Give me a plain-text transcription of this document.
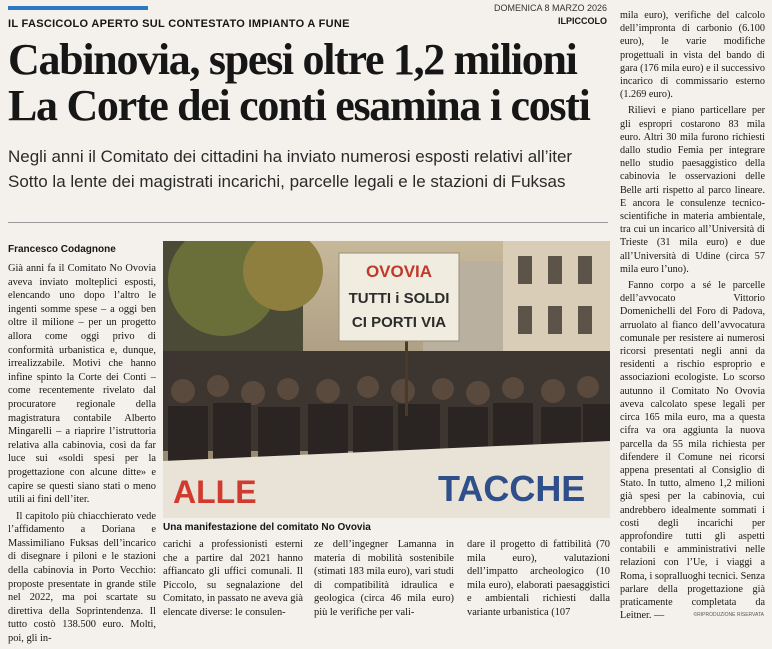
IL FASCICOLO APERTO SUL CONTESTATO IMPIANTO A FUNE
DOMENICA 8 MARZO 2026
ILPICCOLO
Cabinovia, spesi oltre 1,2 milioni
La Corte dei conti esamina i costi
Negli anni il Comitato dei cittadini ha inviato numerosi esposti relativi all’iter
Sotto la lente dei magistrati incarichi, parcelle legali e le stazioni di Fuksas
Francesco Codagnone

Già anni fa il Comitato No Ovovia aveva inviato molteplici esposti, elencando uno dopo l’altro le ingenti somme spese – a oggi ben oltre il milione – per un progetto allora come oggi privo di conformità urbanistica e, dunque, irrealizzabile. Motivi che hanno infine spinto la Corte dei Conti – come recentemente rivelato dal procuratore regionale della magistratura contabile Alberto Mingarelli – a riaprire l’istruttoria relativa alla cabinovia, così da far luce sui «soldi spesi per la progettazione con alcune ditte» e capire se questi siano stati o meno utili ai fini dell’iter.

Il capitolo più chiacchierato vede l’affidamento a Doriana e Massimiliano Fuksas dell’incarico di disegnare i piloni e le stazioni della cabinovia in Porto Vecchio: proposte presentate in grande stile nel 2022, ma poi scartate su direttiva della Soprintendenza. Il tutto costò 138.500 euro. Molti, poi, gli in-

OVOVIA
TUTTI i SOLDI
CI PORTI VIA
ALLE	TACCHE
Una manifestazione del comitato No Ovovia

carichi a professionisti esterni che a partire dal 2021 hanno affiancato gli uffici comunali. Il Piccolo, su segnalazione del Comitato, in passato ne aveva già elencate diverse: le consulen-

ze dell’ingegner Lamanna in materia di mobilità sostenibile (stimati 183 mila euro), vari studi di compatibilità idraulica e geologica (circa 46 mila euro) più le verifiche per vali-

dare il progetto di fattibilità (70 mila euro), valutazioni dell’impatto archeologico (10 mila euro), elaborati paesaggistici e ambientali richiesti dalla variante urbanistica (107

mila euro), verifiche del calcolo dell’impronta di carbonio (6.100 euro), le varie modifiche progettuali in vista del bando di gara (176 mila euro) e il successivo incarico di commissario esterno (1.269 euro).

Rilievi e piano particellare per gli espropri costarono 83 mila euro. Altri 30 mila furono richiesti dallo studio Femia per integrare nello studio paesaggistico della cabinovia le osservazioni delle Belle arti rispetto al parco lineare. E ancora le consulenze tecnico-scientifiche in materia ambientale, tra cui un incarico all’Università di Trieste (31 mila euro) e due all’Università di Udine (circa 57 mila euro l’uno).

Fanno corpo a sé le parcelle dell’avvocato Vittorio Domenichelli del Foro di Padova, arruolato al fianco dell’avvocatura comunale per resistere ai numerosi ricorsi presentati negli anni da residenti a rischio esproprio e associazioni ecologiste. Lo scorso autunno il Comitato No Ovovia aveva calcolato spese legali per circa 165 mila euro, ma a questa cifra va ora aggiunta la nuova parcella da 55 mila richiesta per difendere il Comune nei ricorsi appena presentati al Consiglio di Stato. In tutto, almeno 1,2 milioni già spesi per la cabinovia, cui andrebbero idealmente sommati i costi degli incarichi per approfondire tutti gli aspetti contabili e amministrativi nelle relazioni con l’Ue, i viaggi a Roma, i sopralluoghi tecnici. Senza parlare della progettazione già praticamente completata da Leitner. —	©RIPRODUZIONE RISERVATA
